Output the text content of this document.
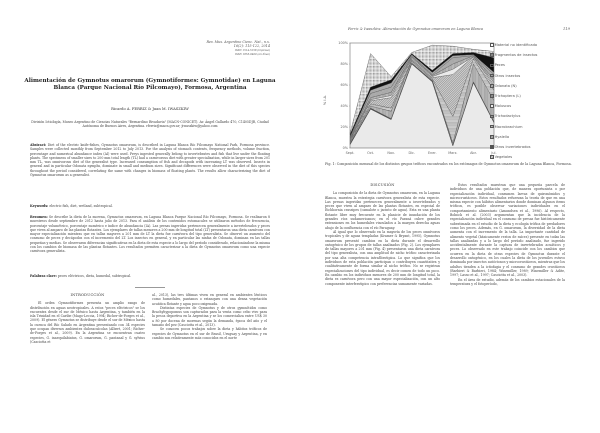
Rev. Mus. Argentino Cienc. Nat., n.s.
16(2): 115-122, 2014
ISSN 1514-5158 (impresa)
ISSN 1853-0400 (en línea)
Alimentación de Gymnotus omarorum (Gymnotiformes: Gymnotidae) en Laguna Blanca (Parque Nacional Río Pilcomayo), Formosa, Argentina
Ricardo A. FERRIZ & Juan M. IWASZKIW
División Ictiología, Museo Argentino de Ciencias Naturales "Bernardino Rivadavia" (MACN-CONICET). Av. Ángel Gallardo 470, C1405DJR, Ciudad Autónoma de Buenos Aires, Argentina. rferriz@macn.gov.ar; jiwaszkiw@yahoo.com
Abstract: Diet of the electric knife-fishes, Gymnotus omarorum, is described in Laguna Blanca Río Pilcomayo National Park, Formosa province. Samples were collected monthly from September 2012 to July 2013. For the analysis of stomach contents, frequency methods, volume fraction, percentage and numerical abundance index (AI) were used. Preys ingested generally belong to invertebrates and fish that live under the floating plants. The specimens of smaller sizes to 200 mm total length (TL) had a carnivorous diet with greater specialization, while in larger sizes from 201 mm TL, was omnivorous diet of the generalist type. Increased consumption of fish and decapods with increasing LT was observed. Insects in general and in particular Odonata nymphs, dominate in small and medium sizes. Significant differences were observed in the diet of this species throughout the period considered, correlating the same with changes in biomass of floating plants. The results allow characterizing the diet of Gymnotus omarorum as a generalist.
Keywords: electric fish, diet, wetland, subtropical.
Resumen: Se describe la dieta de la morena, Gymnotus omarorum, en Laguna Blanca Parque Nacional Río Pilcomayo, Formosa. Se realizaron 8 muestreos desde septiembre de 2012 hasta julio de 2013. Para el análisis de los contenidos estomacales se utilizaron métodos de frecuencia, porcentaje volumétrico, porcentaje numérico e índice de abundancia (IA). Las presas ingeridas pertenecen generalmente a invertebrados y peces que viven al amparo de las plantas flotantes. Los ejemplares de tallas menores a 200 mm de longitud total (LT) presentaron una dieta carnívora con mayor especialización mientras que en tallas mayores a 201 mm de LT la dieta fue carnívora del tipo generalista. Se observó un aumento del consumo de peces y decápodos con el incremento del LT. Los insectos en general, y en particular las ninfas de Odonata, dominan en las tallas pequeñas y medias. Se observaron diferencias significativas en la dieta de esta especie a lo largo del período considerado, relacionándose la misma con los cambios de biomasa de las plantas flotantes. Los resultados permiten caracterizar a la dieta de Gymnotus omarorum como una especie carnívora generalista.
Palabras clave: peces eléctricos, dieta, humedal, subtropical.
INTRODUCCIÓN
El orden Gymnotiformes presenta un amplio rango de distribución en aguas neotropicales. A estos "peces eléctricos" se los encuentra desde el sur de México hasta Argentina, y también en la isla Trinidad en el Caribe (Mago-Leccia, 1994; Richer-de-Forges et al., 2009). El género Gymnotus se distribuye desde el sur de México hasta la cuenca del Río Salado en Argentina presentando con 34 especies que ocupan diversos ambientes dulceacuícolas (Albert, 2001; Richer-de-Forges et al., 2009). En la Argentina se encuentran cuatro especies, G. inaequilabiatus, G. omarorum, G. pantanal y G. sylvius (Casciotta et
al., 2013), las tres últimas viven en general en ambientes lénticos como humedales, pantanos o estanques con una densa vegetación acuática flotante y agua poco oxigenada.
Distintas especies de Gymnotus y de otros gymnótidos como Brachyhypopomus son capturados para la venta como cebo vivo para la pesca deportiva en la Argentina y se los comercializa entre US$ 30 a 80 por docena de morenas según la demanda, época del año y el tamaño del pez (Casciotta et al., 2013).
Se conocen pocos trabajos sobre la dieta y hábitos tróficos de especies de Gymnotus en el sur de Brasil, Uruguay y Argentina, y en cambio son relativamente más conocidos en el norte
Ferriz & Iwaszkiw: Alimentación de Gymnotus omarorum en Laguna Blanca	119
0%
20%
40%
60%
80%
100%
Sept.	Oct.	Nov.	Dic.	Ener.	Marz.	Abr.	Jul.
% I.A.
Material no identificado
Fragmentos de insectos
Peces
Otros insectos
Odonata (N)
Trichoptera (L)
Moluscos
Trichodactylus
Macrobrachium
Hyalella
Otros invertebrados
Vegetales
Fig. 1: Composición mensual de los distintos grupos tróficos encontrados en los estómagos de Gymnotus omarorum de la Laguna Blanca, Formosa.
DISCUSIÓN
La composición de la dieta de Gymnotus omarorum, en la Laguna Blanca, muestra la estrategia carnívora generalista de esta especie. Las presas ingeridas pertenecen generalmente a invertebrados y peces que viven al amparo de las plantas flotantes, en especial de Eichhornia crassipes (camalote o jacinto de agua). Esta es una planta flotante libre muy frecuente en la planicie de inundación de los grandes ríos sudamericanos; en el río Paraná cubre grandes extensiones en los humedales vinculados a la margen derecha aguas abajo de la confluencia con el río Paraguay.
Al igual que lo observado en la mayoría de los peces omnívoros tropicales y de aguas templadas (Kramer & Bryant, 1995), Gymnotus omarorum presentó cambios en la dieta durante el desarrollo ontogénico de los grupos de tallas analizados (Fig. 2). Los ejemplares de tallas mayores a 201 mm (Fig. 4) presentaron una dieta carnívora del tipo generalista, con una amplitud de nicho trófico caracterizada por una alta competencia intraflórotipica. Lo que significa que los individuos de esta población participan o contribuyen cuantitativa y cualitativamente de forma similar al nicho trófico. No se registran especializaciones del tipo individual, es decir comen de todo un poco. En cambio en los individuos menores de 200 mm de longitud total, la dieta es carnívora pero con una mayor especialización, con un alto componente interferotipico con preferencias sumamente variadas.
Estos resultados muestran que una pequeña parcela de individuos de una población que, de manera oportunista o por especialización individual, consumen larvas de quironómidos y microcrustáceos. Estos resultados refuerzan la teoría de que en una misma especie con hábitos alimentarios donde dominan algunos items tróficos, es posible observar variaciones individuales en el comportamiento alimentario (Amundsen et al., 1996). Al respecto, Bolnick et al. (2003) argumentan que la incidencia de la especialización individual en el consumo de presas fue históricamente subestimada en el estudio de la dieta y ecología trófica de predadores como los peces. Además, en G. omarorum, la diversidad de la dieta aumenta con el incremento de la talla. La importante cantidad de alimento vegetal (básicamente restos de raíces) presente en todas las tallas analizadas y a lo largo del período analizado, fue ingerido accidentalmente durante la captura de invertebrados acuáticos y peces. Lo observado en este trabajo coincide con los cambios que ocurren en la dieta de otras especies de Gymnotus durante el desarrollo ontogénico, en los cuales la dieta de los juveniles estuvo dominada por insectos autóctonos y microcrustáceos, mientras que los adultos tienden a la ictiofagia y el consumo de grandes crustáceos (Barbieri & Barbieri, 1984; Winemiller, 1989; Winemiller & Adite, 1997; Lasso et al., 1997; Casciotta et al., 2003).
En el área de estudio, además de los cambios estacionales de la temperatura y el fotoperíodo,
